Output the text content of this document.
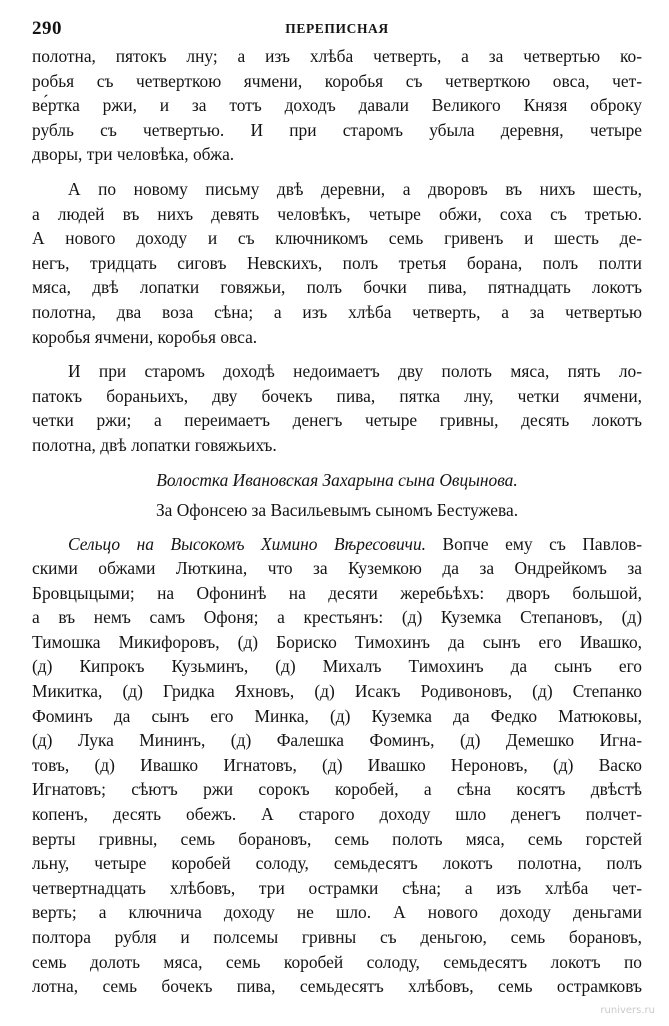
290	ПЕРЕПИСНАЯ
полотна, пятокъ лну; а изъ хлѣба четверть, а за четвертью ко-
робья съ четверткою ячмени, коробья съ четверткою овса, чет-
ве́ртка ржи, и за тотъ доходъ давали Великого Князя оброку
рубль съ четвертью. И при старомъ убыла деревня, четыре
дворы, три человѣка, обжа.
А по новому письму двѣ деревни, а дворовъ въ нихъ шесть,
а людей въ нихъ девять человѣкъ, четыре обжи, соха съ третью.
А нового доходу и съ ключникомъ семь гривенъ и шесть де-
негъ, тридцать сиговъ Невскихъ, полъ третья борана, полъ полти
мяса, двѣ лопатки говяжьи, полъ бочки пива, пятнадцать локотъ
полотна, два воза сѣна; а изъ хлѣба четверть, а за четвертью
коробья ячмени, коробья овса.
И при старомъ доходѣ недоимаетъ дву полоть мяса, пять ло-
патокъ бораньихъ, дву бочекъ пива, пятка лну, четки ячмени,
четки ржи; а переимаетъ денегъ четыре гривны, десять локотъ
полотна, двѣ лопатки говяжьихъ.
Волостка Ивановская Захарына сына Овцынова.
За Офонсею за Васильевымъ сыномъ Бестужева.
Сельцо на Высокомъ Химино Вѣресовичи. Вопче ему съ Павлов-
скими обжами Люткина, что за Куземкою да за Ондрейкомъ за
Бровцыцыми; на Офонинѣ на десяти жеребьѣхъ: дворъ большой,
а въ немъ самъ Офоня; а крестьянъ: (д) Куземка Степановъ, (д)
Тимошка Микифоровъ, (д) Бориско Тимохинъ да сынъ его Ивашко,
(д) Кипрокъ Кузьминъ, (д) Михалъ Тимохинъ да сынъ его
Микитка, (д) Гридка Яхновъ, (д) Исакъ Родивоновъ, (д) Степанко
Фоминъ да сынъ его Минка, (д) Куземка да Федко Матюковы,
(д) Лука Мининъ, (д) Фалешка Фоминъ, (д) Демешко Игна-
товъ, (д) Ивашко Игнатовъ, (д) Ивашко Нероновъ, (д) Васко
Игнатовъ; сѣютъ ржи сорокъ коробей, а сѣна косятъ двѣстѣ
копенъ, десять обежъ. А старого доходу шло денегъ полчет-
верты гривны, семь борановъ, семь полоть мяса, семь горстей
льну, четыре коробей солоду, семьдесятъ локотъ полотна, полъ
четвертнадцать хлѣбовъ, три острамки сѣна; а изъ хлѣба чет-
верть; а ключнича доходу не шло. А нового доходу деньгами
полтора рубля и полсемы гривны съ деньгою, семь борановъ,
семь долоть мяса, семь коробей солоду, семьдесятъ локотъ по
лотна, семь бочекъ пива, семьдесятъ хлѣбовъ, семь острамковъ
runivers.ru
